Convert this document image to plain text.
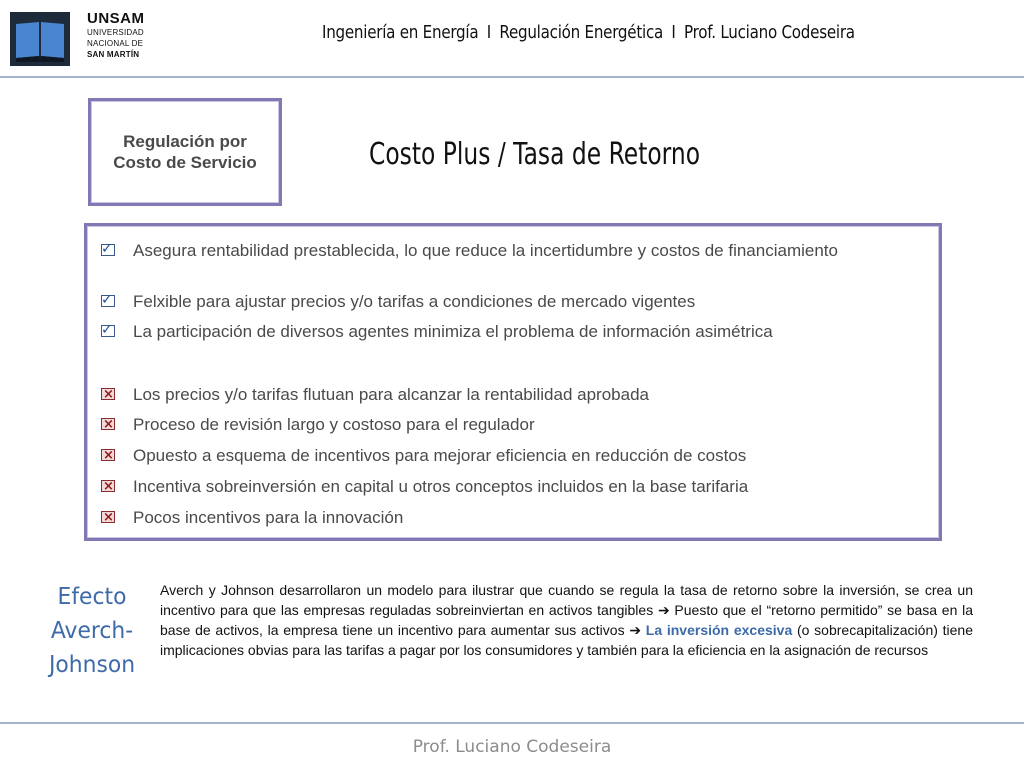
UNSAM
UNIVERSIDAD
NACIONAL DE
SAN MARTÍN
Ingeniería en Energía I Regulación Energética I Prof. Luciano Codeseira
Regulación por Costo de Servicio	Costo Plus / Tasa de Retorno
✓
Asegura rentabilidad prestablecida, lo que reduce la incertidumbre y costos de financiamiento
✓
Felxible para ajustar precios y/o tarifas a condiciones de mercado vigentes
✓
La participación de diversos agentes minimiza el problema de información asimétrica
×
Los precios y/o tarifas flutuan para alcanzar la rentabilidad aprobada
×
Proceso de revisión largo y costoso para el regulador
×
Opuesto a esquema de incentivos para mejorar eficiencia en reducción de costos
×
Incentiva sobreinversión en capital u otros conceptos incluidos en la base tarifaria
×
Pocos incentivos para la innovación
Efecto Averch-Johnson
Averch y Johnson desarrollaron un modelo para ilustrar que cuando se regula la tasa de retorno sobre la inversión, se crea un incentivo para que las empresas reguladas sobreinviertan en activos tangibles ➔ Puesto que el “retorno permitido” se basa en la base de activos, la empresa tiene un incentivo para aumentar sus activos ➔ La inversión excesiva (o sobrecapitalización) tiene implicaciones obvias para las tarifas a pagar por los consumidores y también para la eficiencia en la asignación de recursos
Prof. Luciano Codeseira
